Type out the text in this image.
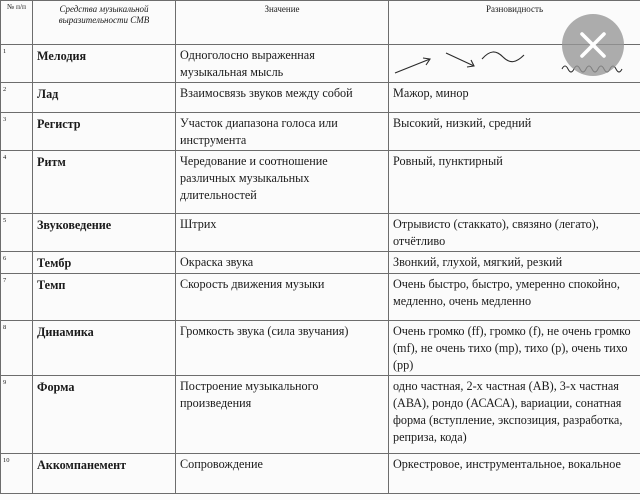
№ п/п	Средства музыкальной выразительности СМВ	Значение	Разновидность
1	Мелодия	Одноголосно выраженная музыкальная мысль	
2	Лад	Взаимосвязь звуков между собой	Мажор, минор
3	Регистр	Участок диапазона голоса или инструмента	Высокий, низкий, средний
4	Ритм	Чередование и соотношение различных музыкальных длительностей	Ровный, пунктирный
5	Звуковедение	Штрих	Отрывисто (стаккато), связяно (легато), отчётливо
6	Тембр	Окраска звука	Звонкий, глухой, мягкий, резкий
7	Темп	Скорость движения музыки	Очень быстро, быстро, умеренно спокойно, медленно, очень медленно
8	Динамика	Громкость звука (сила звучания)	Очень громко (ff), громко (f), не очень громко (mf), не очень тихо (mp), тихо (p), очень тихо (pp)
9	Форма	Построение музыкального произведения	одно частная, 2-х частная (АВ), 3-х частная (АВА), рондо (АСАСА), вариации, сонатная форма (вступление, экспозиция, разработка, реприза, кода)
10	Аккомпанемент	Сопровождение	Оркестровое, инструментальное, вокальное
